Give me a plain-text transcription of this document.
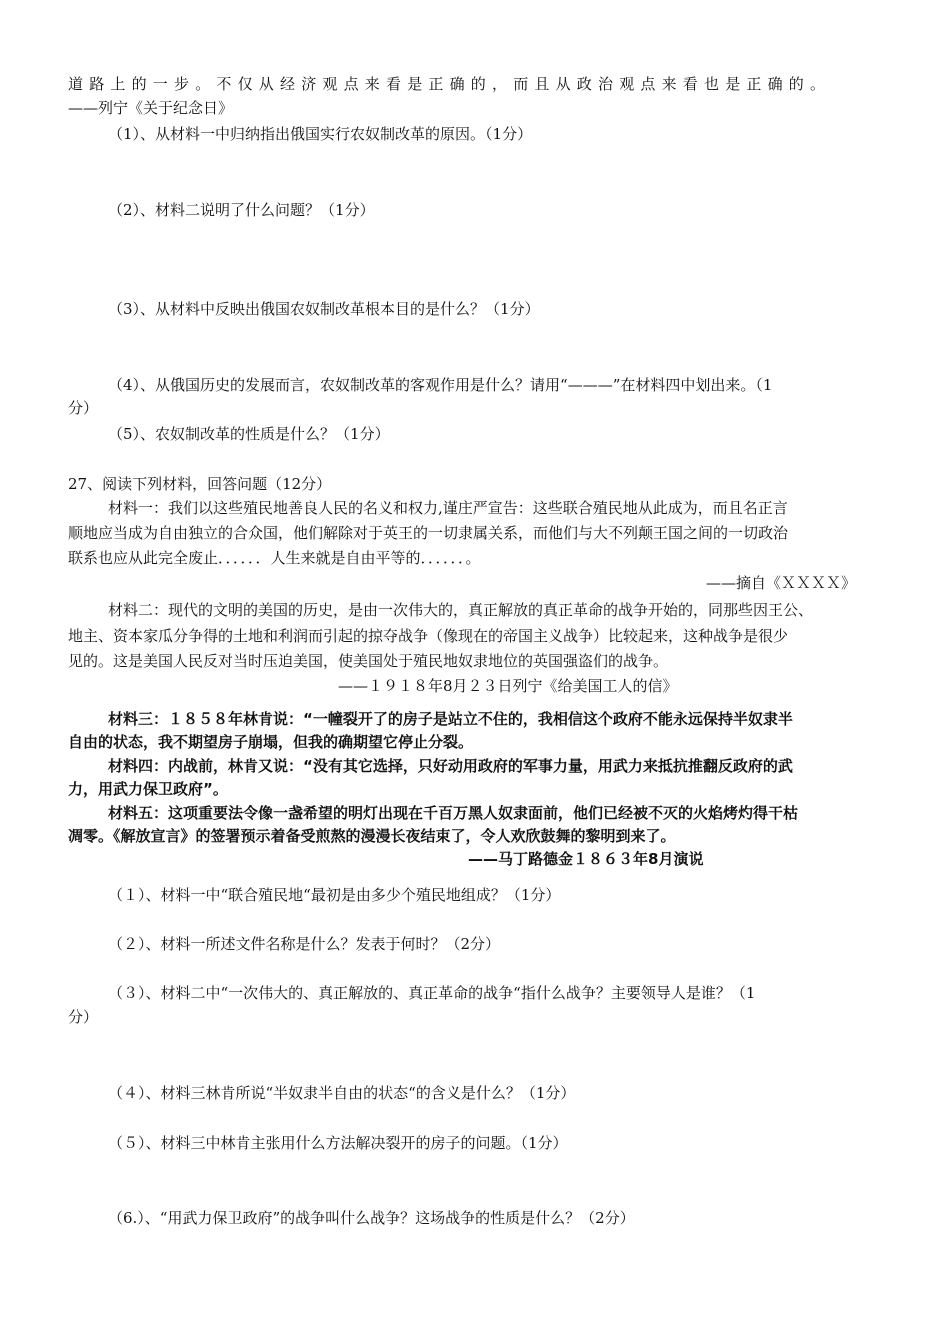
道路上的一步。不仅从经济观点来看是正确的，而且从政治观点来看也是正确的。
——列宁《关于纪念日》
（1）、从材料一中归纳指出俄国实行农奴制改革的原因。（1分）
（2）、材料二说明了什么问题？（1分）
（3）、从材料中反映出俄国农奴制改革根本目的是什么？（1分）
（4）、从俄国历史的发展而言，农奴制改革的客观作用是什么？请用“———”在材料四中划出来。（1
分）
（5）、农奴制改革的性质是什么？（1分）
27、阅读下列材料，回答问题（12分）
材料一：我们以这些殖民地善良人民的名义和权力,谨庄严宣告：这些联合殖民地从此成为，而且名正言
顺地应当成为自由独立的合众国，他们解除对于英王的一切隶属关系，而他们与大不列颠王国之间的一切政治
联系也应从此完全废止．．．．．．人生来就是自由平等的．．．．．．。
——摘自《ＸＸＸＸ》
材料二：现代的文明的美国的历史，是由一次伟大的，真正解放的真正革命的战争开始的，同那些因王公、
地主、资本家瓜分争得的土地和利润而引起的掠夺战争（像现在的帝国主义战争）比较起来，这种战争是很少
见的。这是美国人民反对当时压迫美国，使美国处于殖民地奴隶地位的英国强盗们的战争。
——１９１８年8月２３日列宁《给美国工人的信》
材料三：１８５８年林肯说：“一幢裂开了的房子是站立不住的，我相信这个政府不能永远保持半奴隶半
自由的状态，我不期望房子崩塌，但我的确期望它停止分裂。
材料四：内战前，林肯又说：“没有其它选择，只好动用政府的军事力量，用武力来抵抗推翻反政府的武
力，用武力保卫政府”。
材料五：这项重要法令像一盏希望的明灯出现在千百万黑人奴隶面前，他们已经被不灭的火焰烤灼得干枯
凋零。《解放宣言》的签署预示着备受煎熬的漫漫长夜结束了，令人欢欣鼓舞的黎明到来了。
——马丁路德金１８６３年8月演说
（１）、材料一中“联合殖民地“最初是由多少个殖民地组成？（1分）
（２）、材料一所述文件名称是什么？发表于何时？（2分）
（３）、材料二中“一次伟大的、真正解放的、真正革命的战争“指什么战争？主要领导人是谁？（1
分）
（４）、材料三林肯所说“半奴隶半自由的状态“的含义是什么？（1分）
（５）、材料三中林肯主张用什么方法解决裂开的房子的问题。（1分）
（6.）、“用武力保卫政府”的战争叫什么战争？这场战争的性质是什么？（2分）
